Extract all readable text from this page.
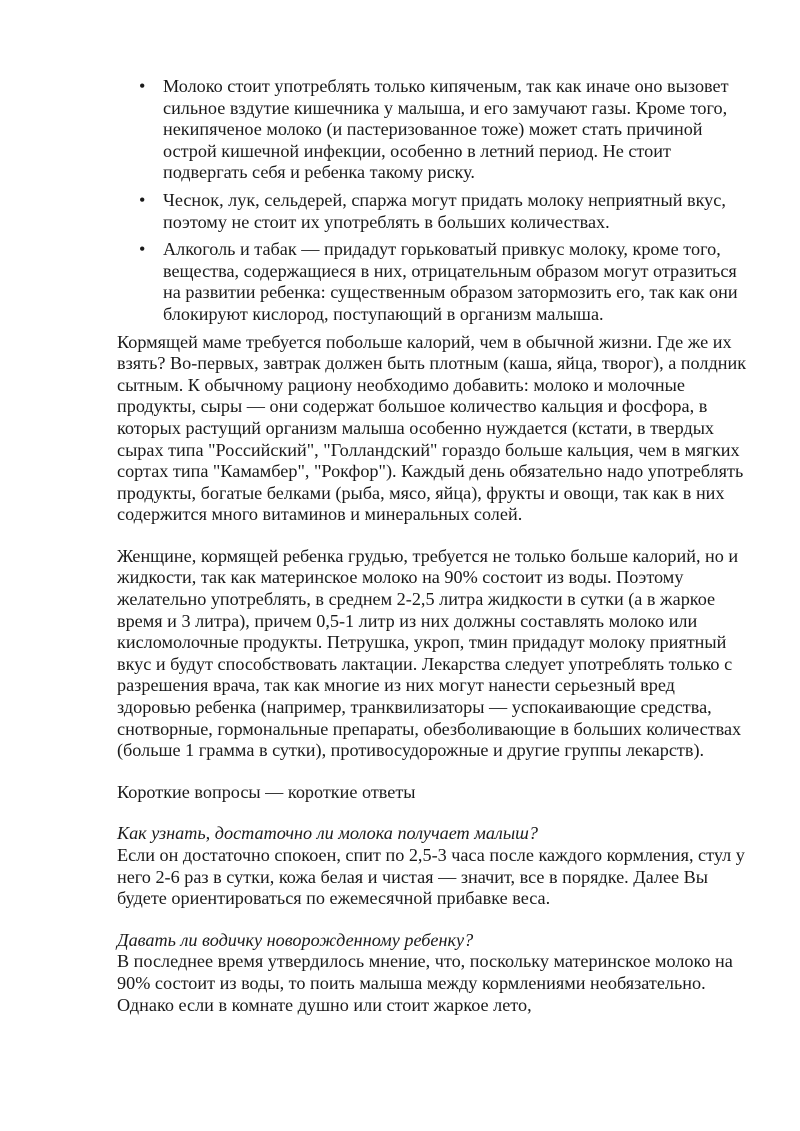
• Молоко стоит употреблять только кипяченым, так как иначе оно вызовет сильное вздутие кишечника у малыша, и его замучают газы. Кроме того, некипяченое молоко (и пастеризованное тоже) может стать причиной острой кишечной инфекции, особенно в летний период. Не стоит подвергать себя и ребенка такому риску.
• Чеснок, лук, сельдерей, спаржа могут придать молоку неприятный вкус, поэтому не стоит их употреблять в больших количествах.
• Алкоголь и табак — придадут горьковатый привкус молоку, кроме того, вещества, содержащиеся в них, отрицательным образом могут отразиться на развитии ребенка: существенным образом затормозить его, так как они блокируют кислород, поступающий в организм малыша.

Кормящей маме требуется побольше калорий, чем в обычной жизни. Где же их взять? Во-первых, завтрак должен быть плотным (каша, яйца, творог), а полдник сытным. К обычному рациону необходимо добавить: молоко и молочные продукты, сыры — они содержат большое количество кальция и фосфора, в которых растущий организм малыша особенно нуждается (кстати, в твердых сырах типа "Российский", "Голландский" гораздо больше кальция, чем в мягких сортах типа "Камамбер", "Рокфор"). Каждый день обязательно надо употреблять продукты, богатые белками (рыба, мясо, яйца), фрукты и овощи, так как в них содержится много витаминов и минеральных солей.

Женщине, кормящей ребенка грудью, требуется не только больше калорий, но и жидкости, так как материнское молоко на 90% состоит из воды. Поэтому желательно употреблять, в среднем 2-2,5 литра жидкости в сутки (а в жаркое время и 3 литра), причем 0,5-1 литр из них должны составлять молоко или кисломолочные продукты. Петрушка, укроп, тмин придадут молоку приятный вкус и будут способствовать лактации. Лекарства следует употреблять только с разрешения врача, так как многие из них могут нанести серьезный вред здоровью ребенка (например, транквилизаторы — успокаивающие средства, снотворные, гормональные препараты, обезболивающие в больших количествах (больше 1 грамма в сутки), противосудорожные и другие группы лекарств).

Короткие вопросы — короткие ответы

Как узнать, достаточно ли молока получает малыш?
Если он достаточно спокоен, спит по 2,5-3 часа после каждого кормления, стул у него 2-6 раз в сутки, кожа белая и чистая — значит, все в порядке. Далее Вы будете ориентироваться по ежемесячной прибавке веса.
Давать ли водичку новорожденному ребенку?
В последнее время утвердилось мнение, что, поскольку материнское молоко на 90% состоит из воды, то поить малыша между кормлениями необязательно. Однако если в комнате душно или стоит жаркое лето,
